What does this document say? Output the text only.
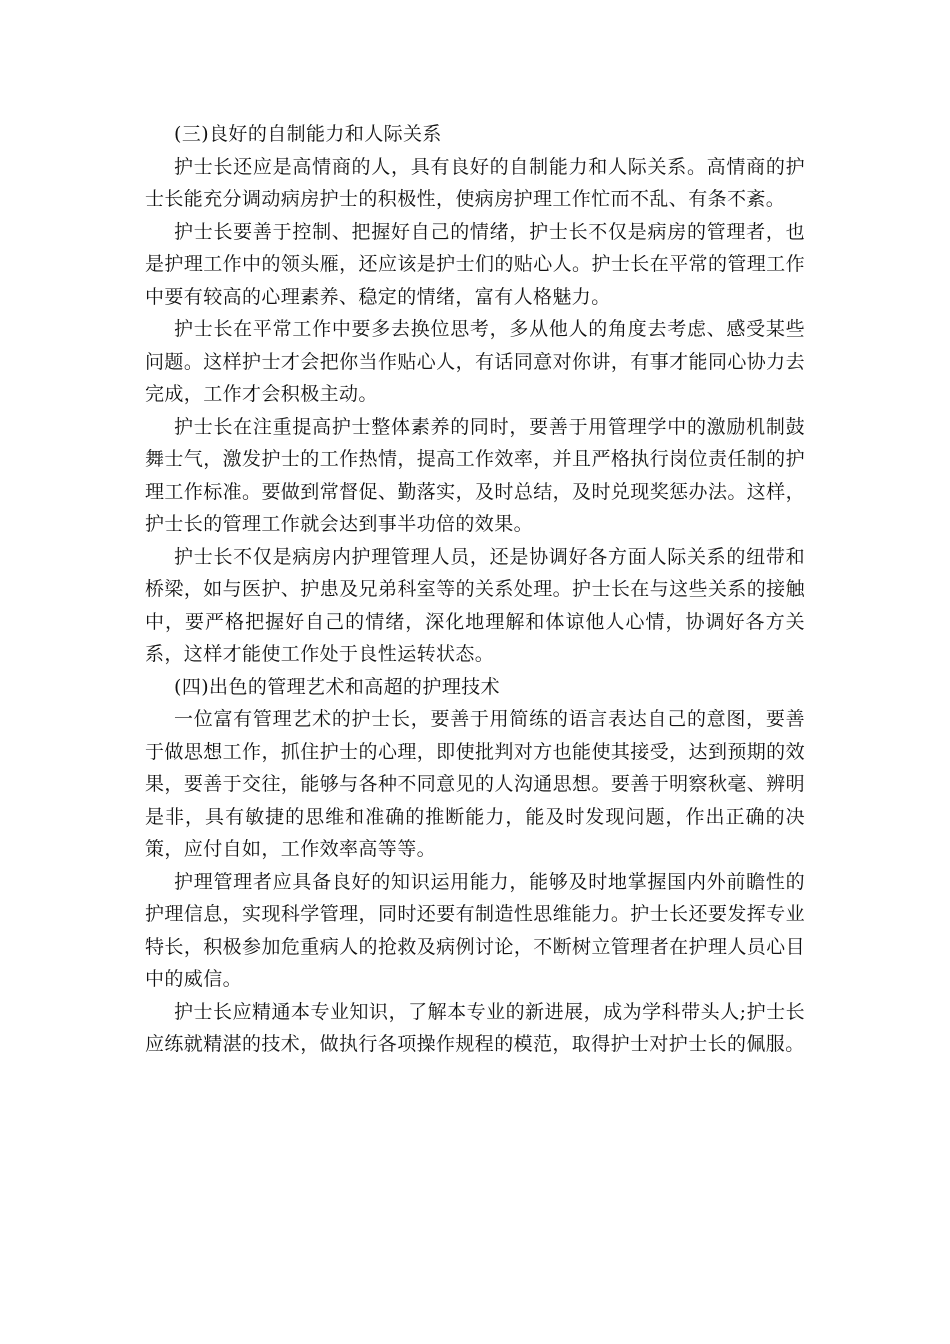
(三)良好的自制能力和人际关系

护士长还应是高情商的人，具有良好的自制能力和人际关系。高情商的护士长能充分调动病房护士的积极性，使病房护理工作忙而不乱、有条不紊。

护士长要善于控制、把握好自己的情绪，护士长不仅是病房的管理者，也是护理工作中的领头雁，还应该是护士们的贴心人。护士长在平常的管理工作中要有较高的心理素养、稳定的情绪，富有人格魅力。

护士长在平常工作中要多去换位思考，多从他人的角度去考虑、感受某些问题。这样护士才会把你当作贴心人，有话同意对你讲，有事才能同心协力去完成，工作才会积极主动。

护士长在注重提高护士整体素养的同时，要善于用管理学中的激励机制鼓舞士气，激发护士的工作热情，提高工作效率，并且严格执行岗位责任制的护理工作标准。要做到常督促、勤落实，及时总结，及时兑现奖惩办法。这样，护士长的管理工作就会达到事半功倍的效果。

护士长不仅是病房内护理管理人员，还是协调好各方面人际关系的纽带和桥梁，如与医护、护患及兄弟科室等的关系处理。护士长在与这些关系的接触中，要严格把握好自己的情绪，深化地理解和体谅他人心情，协调好各方关系，这样才能使工作处于良性运转状态。

(四)出色的管理艺术和高超的护理技术

一位富有管理艺术的护士长，要善于用简练的语言表达自己的意图，要善于做思想工作，抓住护士的心理，即使批判对方也能使其接受，达到预期的效果，要善于交往，能够与各种不同意见的人沟通思想。要善于明察秋毫、辨明是非，具有敏捷的思维和准确的推断能力，能及时发现问题，作出正确的决策，应付自如，工作效率高等等。

护理管理者应具备良好的知识运用能力，能够及时地掌握国内外前瞻性的护理信息，实现科学管理，同时还要有制造性思维能力。护士长还要发挥专业特长，积极参加危重病人的抢救及病例讨论，不断树立管理者在护理人员心目中的威信。

护士长应精通本专业知识，了解本专业的新进展，成为学科带头人;护士长应练就精湛的技术，做执行各项操作规程的模范，取得护士对护士长的佩服。
